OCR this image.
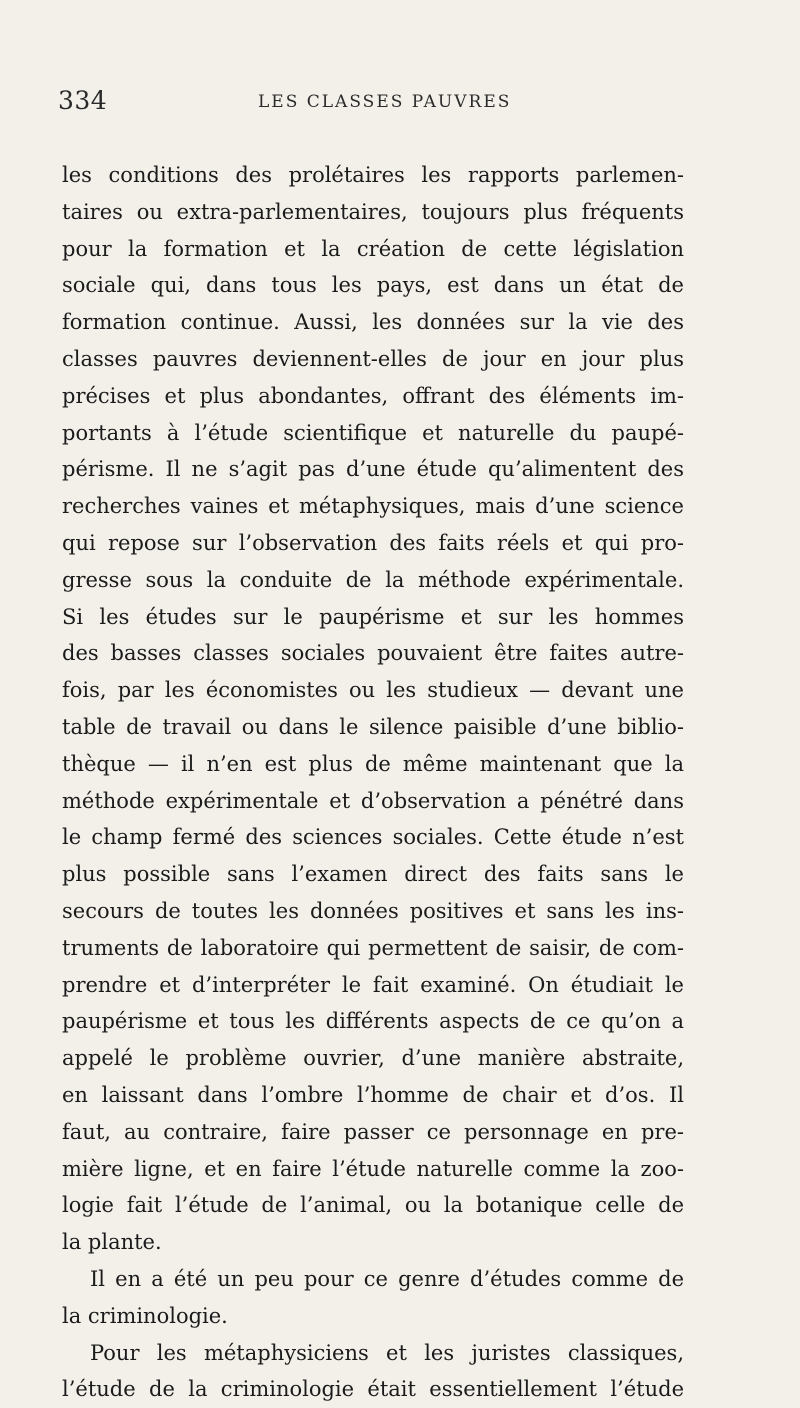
334	LES CLASSES PAUVRES
les conditions des prolétaires les rapports parlemen-
taires ou extra-parlementaires, toujours plus fréquents
pour la formation et la création de cette législation
sociale qui, dans tous les pays, est dans un état de
formation continue. Aussi, les données sur la vie des
classes pauvres deviennent-elles de jour en jour plus
précises et plus abondantes, offrant des éléments im-
portants à l’étude scientifique et naturelle du paupé-
périsme. Il ne s’agit pas d’une étude qu’alimentent des
recherches vaines et métaphysiques, mais d’une science
qui repose sur l’observation des faits réels et qui pro-
gresse sous la conduite de la méthode expérimentale.
Si les études sur le paupérisme et sur les hommes
des basses classes sociales pouvaient être faites autre-
fois, par les économistes ou les studieux — devant une
table de travail ou dans le silence paisible d’une biblio-
thèque — il n’en est plus de même maintenant que la
méthode expérimentale et d’observation a pénétré dans
le champ fermé des sciences sociales. Cette étude n’est
plus possible sans l’examen direct des faits sans le
secours de toutes les données positives et sans les ins-
truments de laboratoire qui permettent de saisir, de com-
prendre et d’interpréter le fait examiné. On étudiait le
paupérisme et tous les différents aspects de ce qu’on a
appelé le problème ouvrier, d’une manière abstraite,
en laissant dans l’ombre l’homme de chair et d’os. Il
faut, au contraire, faire passer ce personnage en pre-
mière ligne, et en faire l’étude naturelle comme la zoo-
logie fait l’étude de l’animal, ou la botanique celle de
la plante.
Il en a été un peu pour ce genre d’études comme de
la criminologie.
Pour les métaphysiciens et les juristes classiques,
l’étude de la criminologie était essentiellement l’étude
